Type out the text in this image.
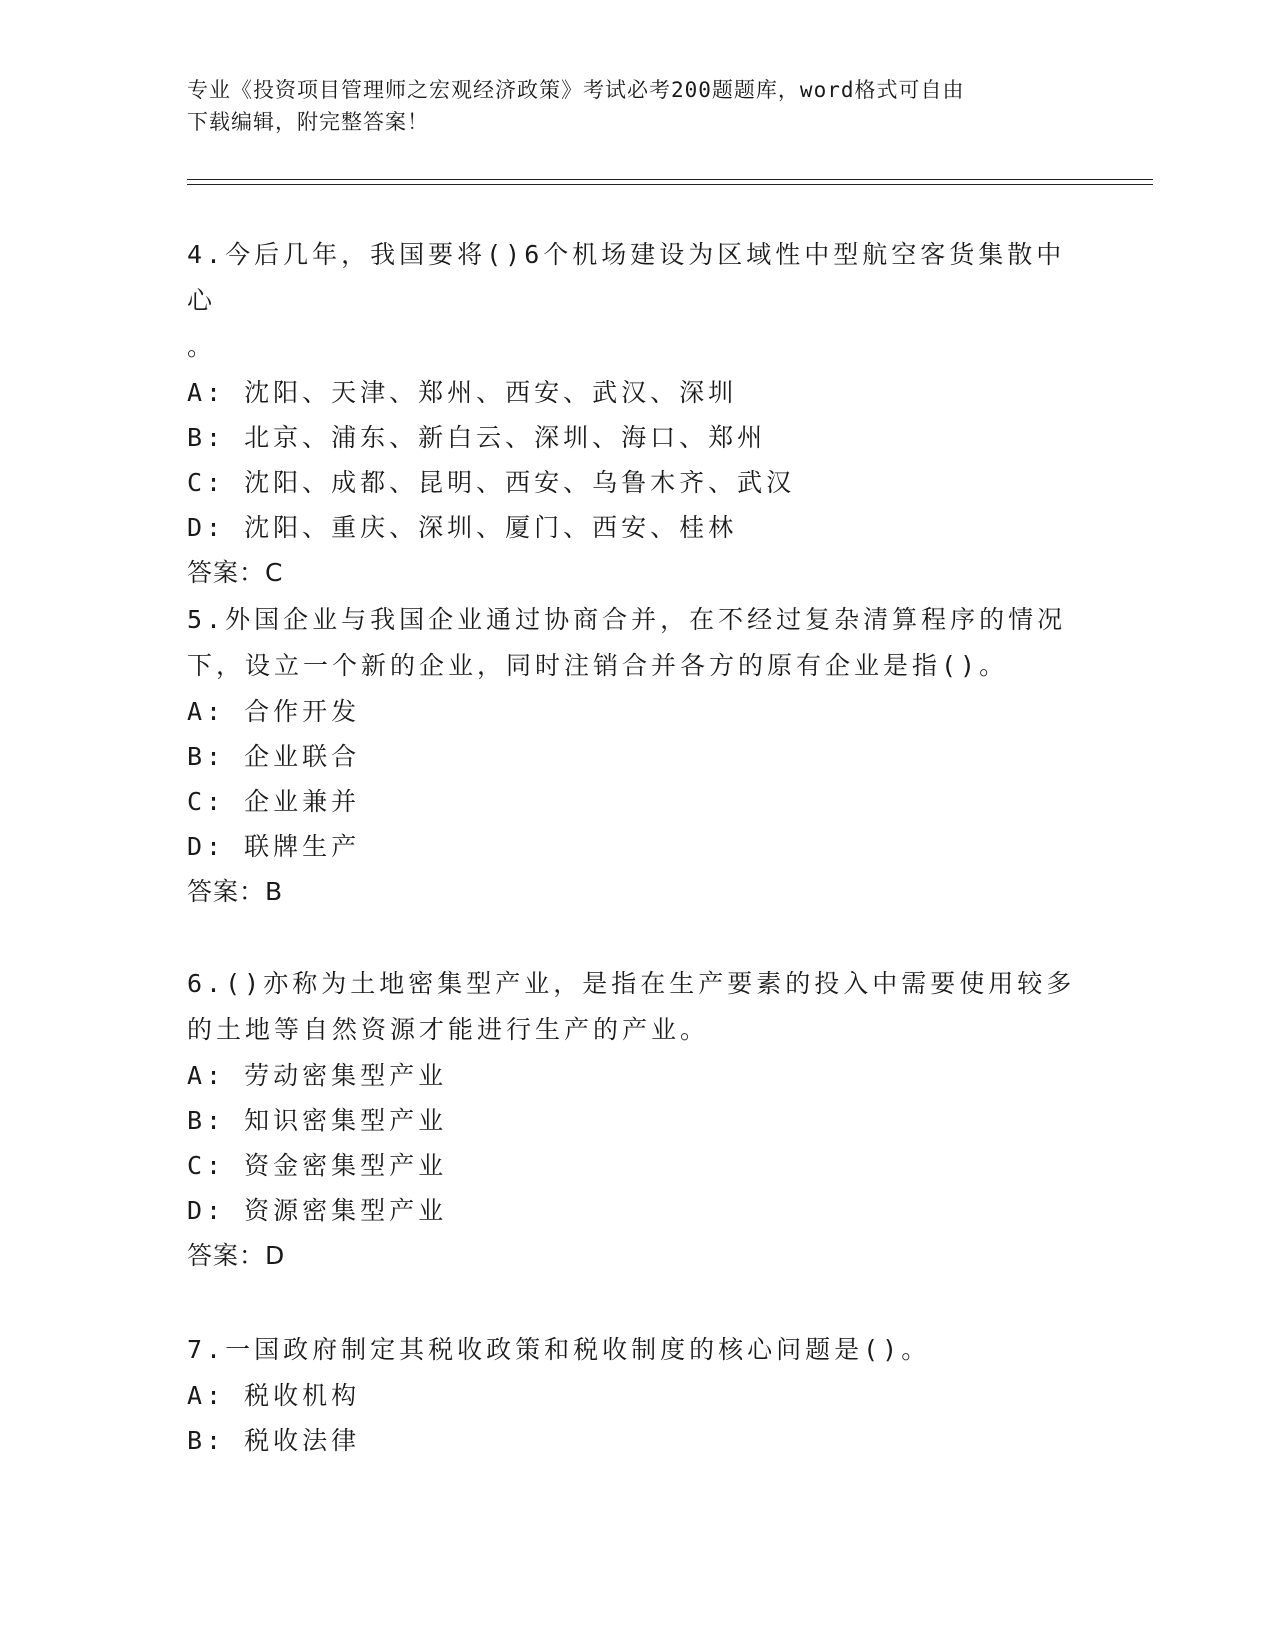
专业《投资项目管理师之宏观经济政策》考试必考200题题库，word格式可自由
下载编辑，附完整答案！
4.今后几年，我国要将()6个机场建设为区域性中型航空客货集散中心
。
A: 沈阳、天津、郑州、西安、武汉、深圳
B: 北京、浦东、新白云、深圳、海口、郑州
C: 沈阳、成都、昆明、西安、乌鲁木齐、武汉
D: 沈阳、重庆、深圳、厦门、西安、桂林
答案：C
5.外国企业与我国企业通过协商合并，在不经过复杂清算程序的情况
下，设立一个新的企业，同时注销合并各方的原有企业是指()。
A: 合作开发
B: 企业联合
C: 企业兼并
D: 联牌生产
答案：B
6.()亦称为土地密集型产业，是指在生产要素的投入中需要使用较多
的土地等自然资源才能进行生产的产业。
A: 劳动密集型产业
B: 知识密集型产业
C: 资金密集型产业
D: 资源密集型产业
答案：D
7.一国政府制定其税收政策和税收制度的核心问题是()。
A: 税收机构
B: 税收法律
